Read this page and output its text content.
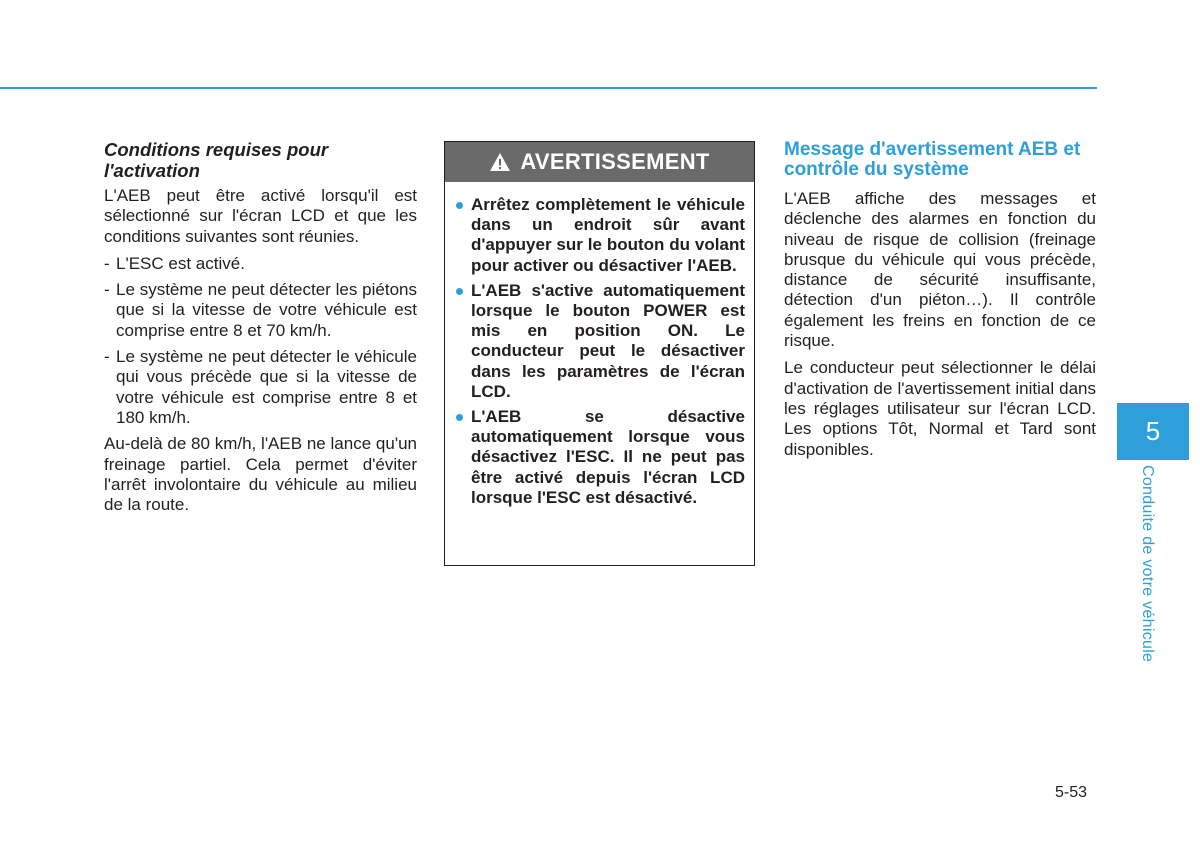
Conditions requises pour l'activation

L'AEB peut être activé lorsqu'il est sélectionné sur l'écran LCD et que les conditions suivantes sont réunies.

- L'ESC est activé.
- Le système ne peut détecter les piétons que si la vitesse de votre véhicule est comprise entre 8 et 70 km/h.
- Le système ne peut détecter le véhicule qui vous précède que si la vitesse de votre véhicule est comprise entre 8 et 180 km/h.

Au-delà de 80 km/h, l'AEB ne lance qu'un freinage partiel. Cela permet d'éviter l'arrêt involontaire du véhicule au milieu de la route.

AVERTISSEMENT
Arrêtez complètement le véhicule dans un endroit sûr avant d'appuyer sur le bouton du volant pour activer ou désactiver l'AEB.
L'AEB s'active automatiquement lorsque le bouton POWER est mis en position ON. Le conducteur peut le désactiver dans les paramètres de l'écran LCD.
L'AEB se désactive automatiquement lorsque vous désactivez l'ESC. Il ne peut pas être activé depuis l'écran LCD lorsque l'ESC est désactivé.

Message d'avertissement AEB et contrôle du système

L'AEB affiche des messages et déclenche des alarmes en fonction du niveau de risque de collision (freinage brusque du véhicule qui vous précède, distance de sécurité insuffisante, détection d'un piéton…). Il contrôle également les freins en fonction de ce risque.

Le conducteur peut sélectionner le délai d'activation de l'avertissement initial dans les réglages utilisateur sur l'écran LCD. Les options Tôt, Normal et Tard sont disponibles.

5
Conduite de votre véhicule
5-53
